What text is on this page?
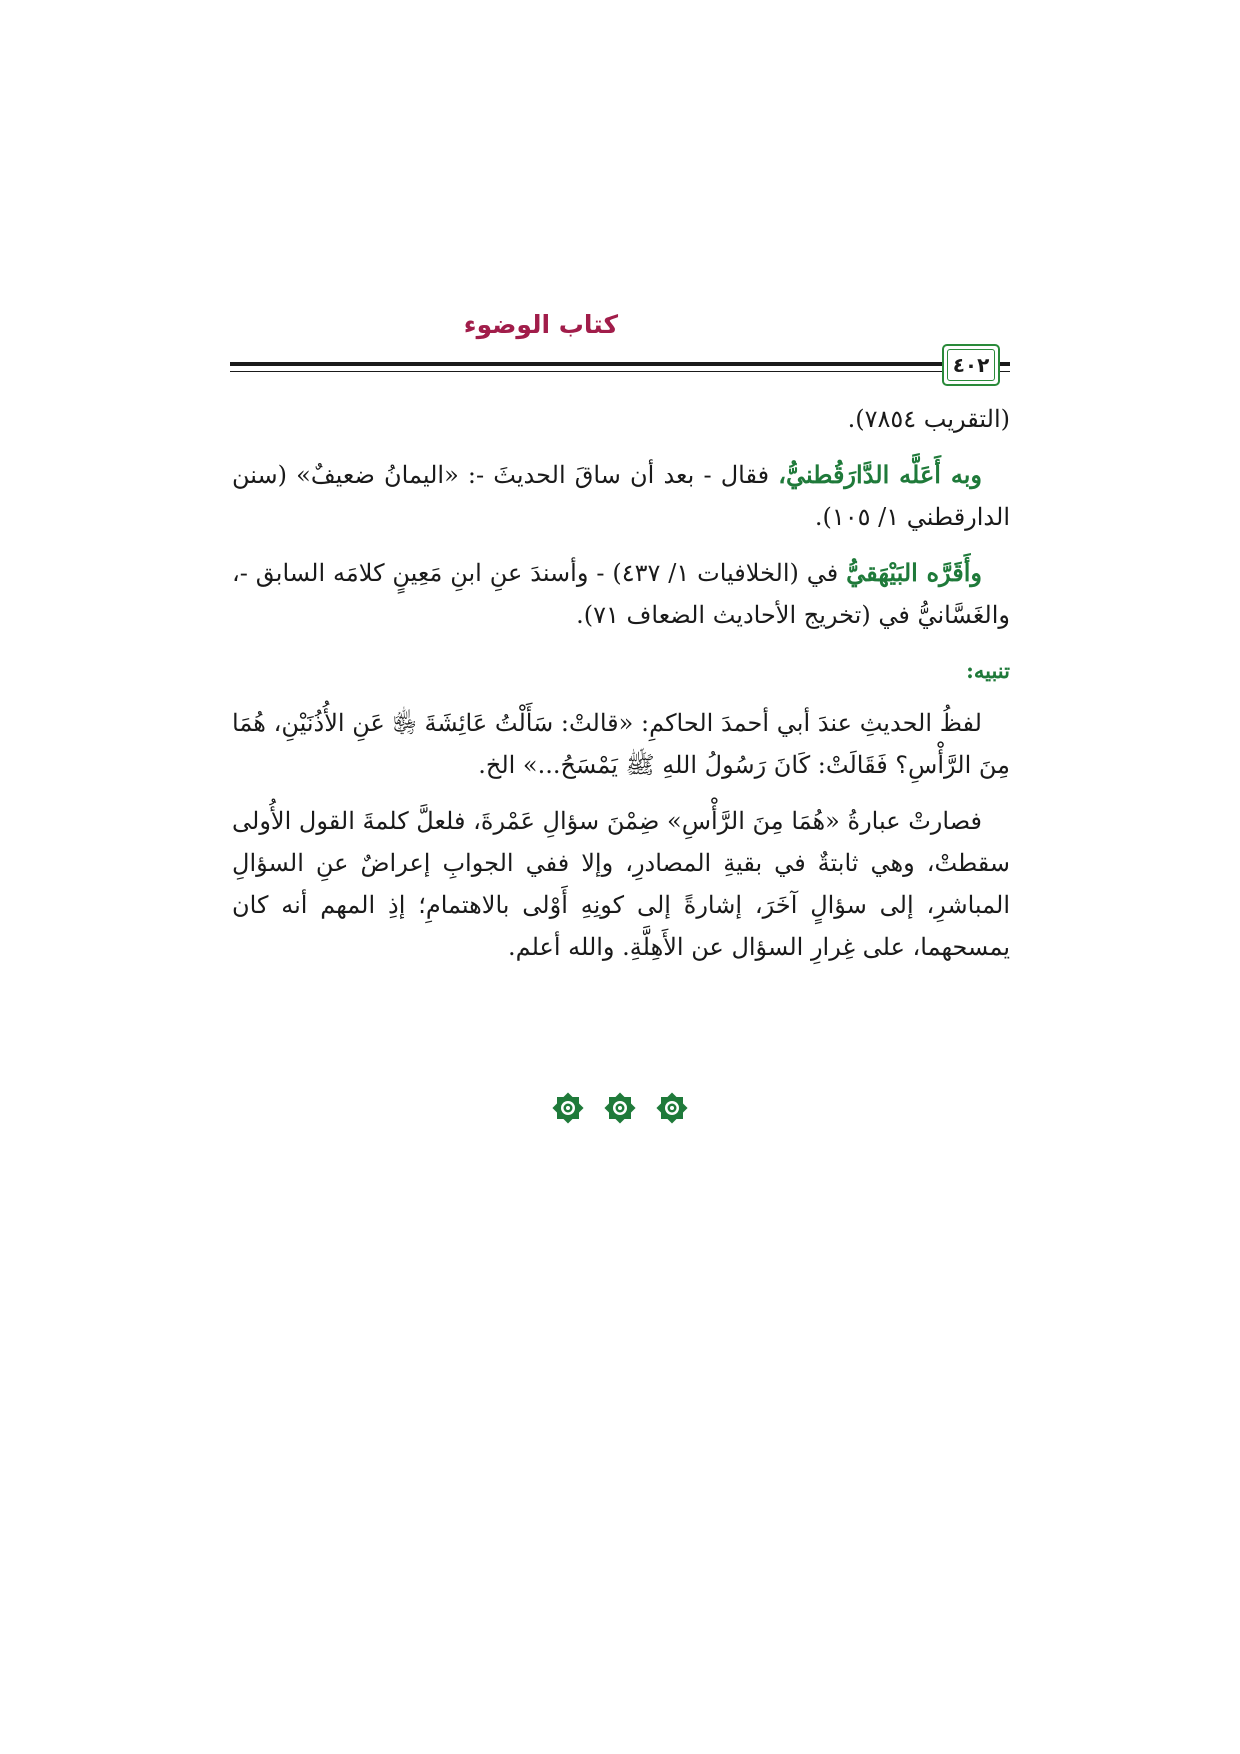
كتاب الوضوء
٤٠٢

(التقريب ٧٨٥٤).

وبه أَعَلَّه الدَّارَقُطنيُّ، فقال - بعد أن ساقَ الحديثَ -: «اليمانُ ضعيفٌ» (سنن الدارقطني ١/ ١٠٥).

وأَقَرَّه البَيْهَقيُّ في (الخلافيات ١/ ٤٣٧) - وأسندَ عنِ ابنِ مَعِينٍ كلامَه السابق -، والغَسَّانيُّ في (تخريج الأحاديث الضعاف ٧١).

تنبيه:

لفظُ الحديثِ عندَ أبي أحمدَ الحاكمِ: «قالتْ: سَأَلْتُ عَائِشَةَ ﵂ عَنِ الأُذُنَيْنِ، هُمَا مِنَ الرَّأْسِ؟ فَقَالَتْ: كَانَ رَسُولُ اللهِ ﷺ يَمْسَحُ...» الخ.

فصارتْ عبارةُ «هُمَا مِنَ الرَّأْسِ» ضِمْنَ سؤالِ عَمْرةَ، فلعلَّ كلمةَ القول الأُولى سقطتْ، وهي ثابتةٌ في بقيةِ المصادرِ، وإلا ففي الجوابِ إعراضٌ عنِ السؤالِ المباشرِ، إلى سؤالٍ آخَرَ، إشارةً إلى كونِهِ أَوْلى بالاهتمامِ؛ إذِ المهم أنه كان يمسحهما، على غِرارِ السؤال عن الأَهِلَّةِ. والله أعلم.
